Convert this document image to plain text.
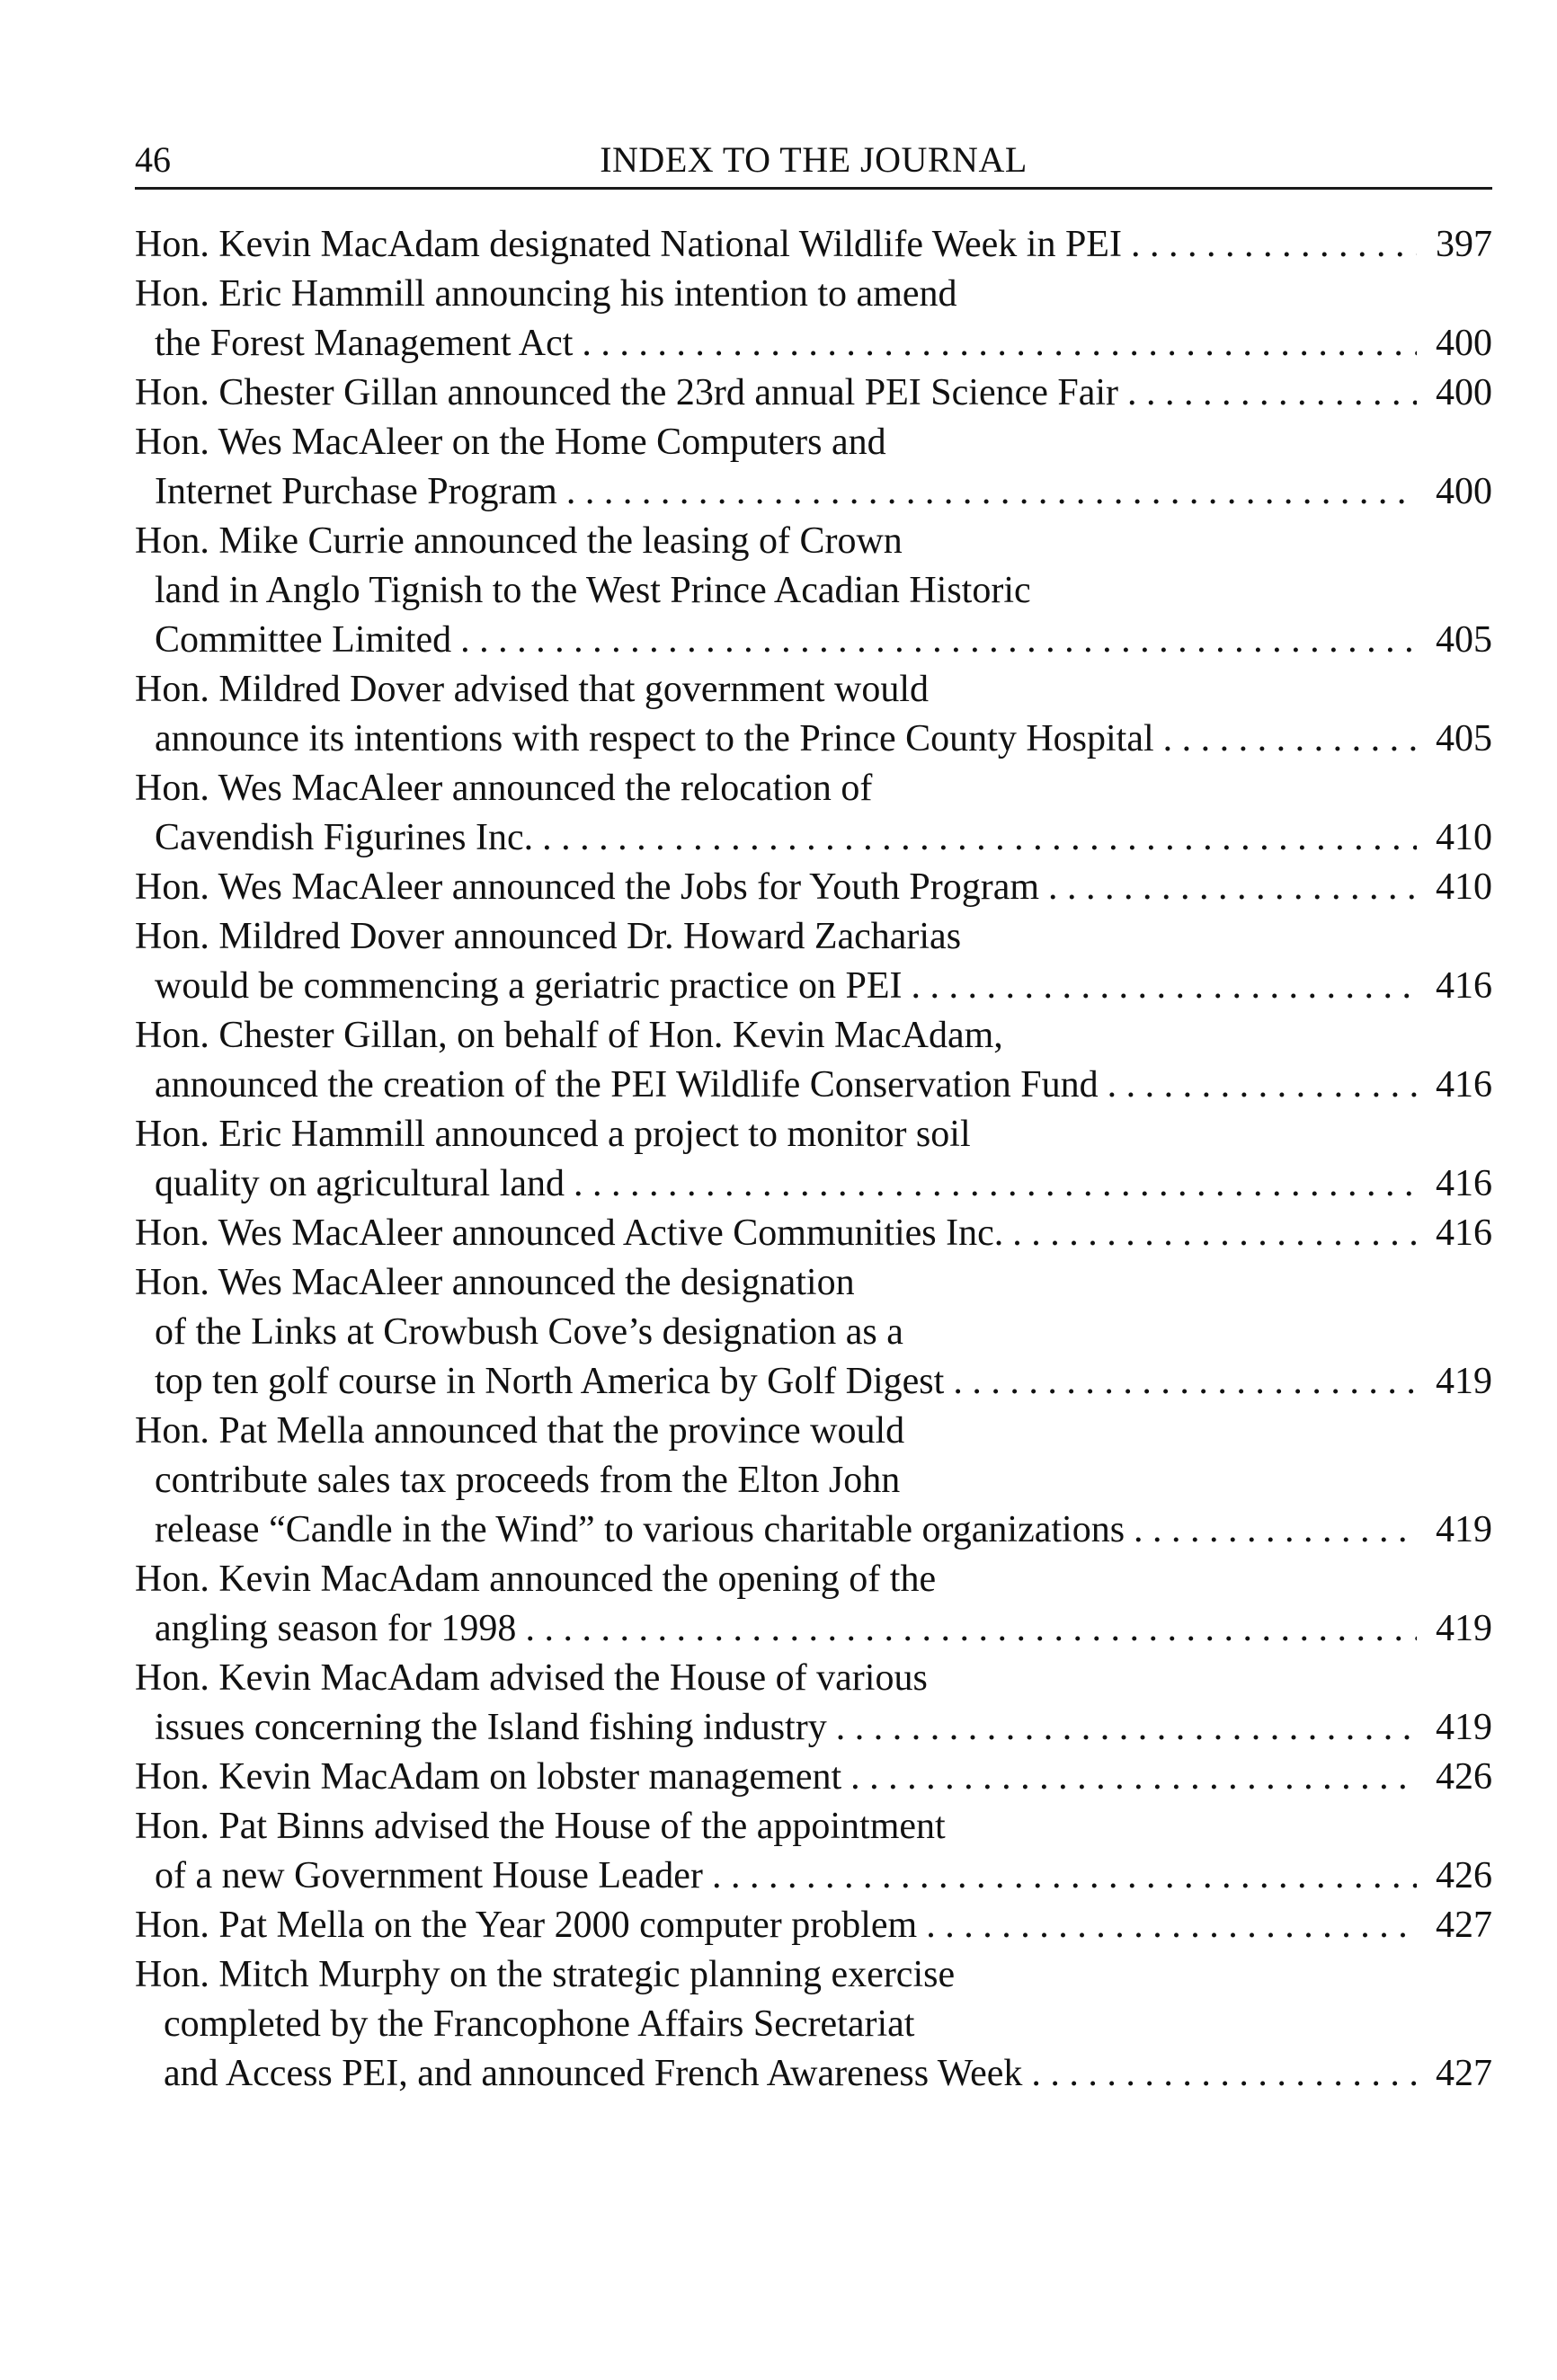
46	INDEX TO THE JOURNAL
Hon. Kevin MacAdam designated National Wildlife Week in PEI . . .	397
Hon. Eric Hammill announcing his intention to amend
the Forest Management Act . . .	400
Hon. Chester Gillan announced the 23rd annual PEI Science Fair . . .	400
Hon. Wes MacAleer on the Home Computers and
Internet Purchase Program . . .	400
Hon. Mike Currie announced the leasing of Crown
land in Anglo Tignish to the West Prince Acadian Historic
Committee Limited . . .	405
Hon. Mildred Dover advised that government would
announce its intentions with respect to the Prince County Hospital . . .	405
Hon. Wes MacAleer announced the relocation of
Cavendish Figurines Inc. . . .	410
Hon. Wes MacAleer announced the Jobs for Youth Program . . .	410
Hon. Mildred Dover announced Dr. Howard Zacharias
would be commencing a geriatric practice on PEI . . .	416
Hon. Chester Gillan, on behalf of Hon. Kevin MacAdam,
announced the creation of the PEI Wildlife Conservation Fund . . .	416
Hon. Eric Hammill announced a project to monitor soil
quality on agricultural land . . .	416
Hon. Wes MacAleer announced Active Communities Inc. . . .	416
Hon. Wes MacAleer announced the designation
of the Links at Crowbush Cove’s designation as a
top ten golf course in North America by Golf Digest . . .	419
Hon. Pat Mella announced that the province would
contribute sales tax proceeds from the Elton John
release “Candle in the Wind” to various charitable organizations . . .	419
Hon. Kevin MacAdam announced the opening of the
angling season for 1998 . . .	419
Hon. Kevin MacAdam advised the House of various
issues concerning the Island fishing industry . . .	419
Hon. Kevin MacAdam on lobster management . . .	426
Hon. Pat Binns advised the House of the appointment
of a new Government House Leader . . .	426
Hon. Pat Mella on the Year 2000 computer problem . . .	427
Hon. Mitch Murphy on the strategic planning exercise
completed by the Francophone Affairs Secretariat
and Access PEI, and announced French Awareness Week . . .	427
